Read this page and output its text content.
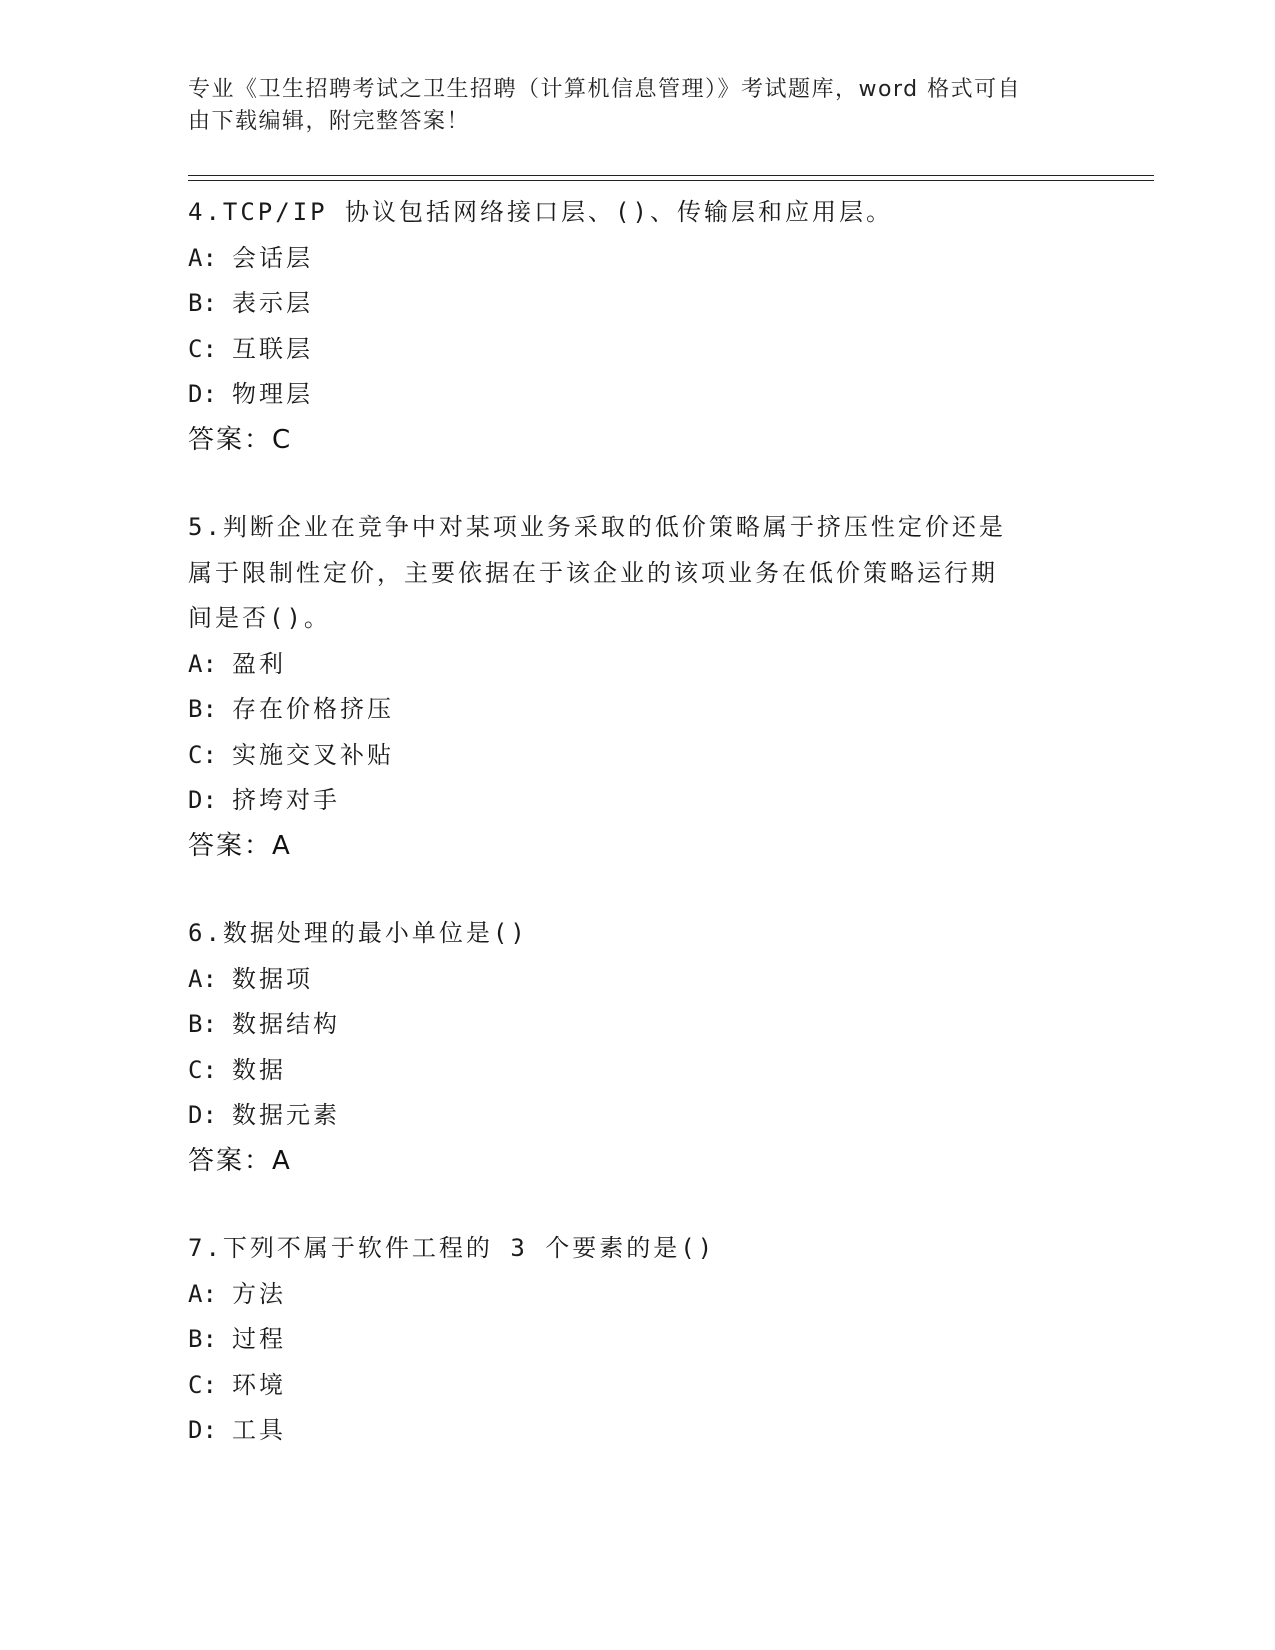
专业《卫生招聘考试之卫生招聘（计算机信息管理）》考试题库，word 格式可自
由下载编辑，附完整答案！
4.TCP/IP 协议包括网络接口层、()、传输层和应用层。
A: 会话层
B: 表示层
C: 互联层
D: 物理层
答案：C
5.判断企业在竞争中对某项业务采取的低价策略属于挤压性定价还是
属于限制性定价，主要依据在于该企业的该项业务在低价策略运行期
间是否()。
A: 盈利
B: 存在价格挤压
C: 实施交叉补贴
D: 挤垮对手
答案：A
6.数据处理的最小单位是()
A: 数据项
B: 数据结构
C: 数据
D: 数据元素
答案：A
7.下列不属于软件工程的 3 个要素的是()
A: 方法
B: 过程
C: 环境
D: 工具
